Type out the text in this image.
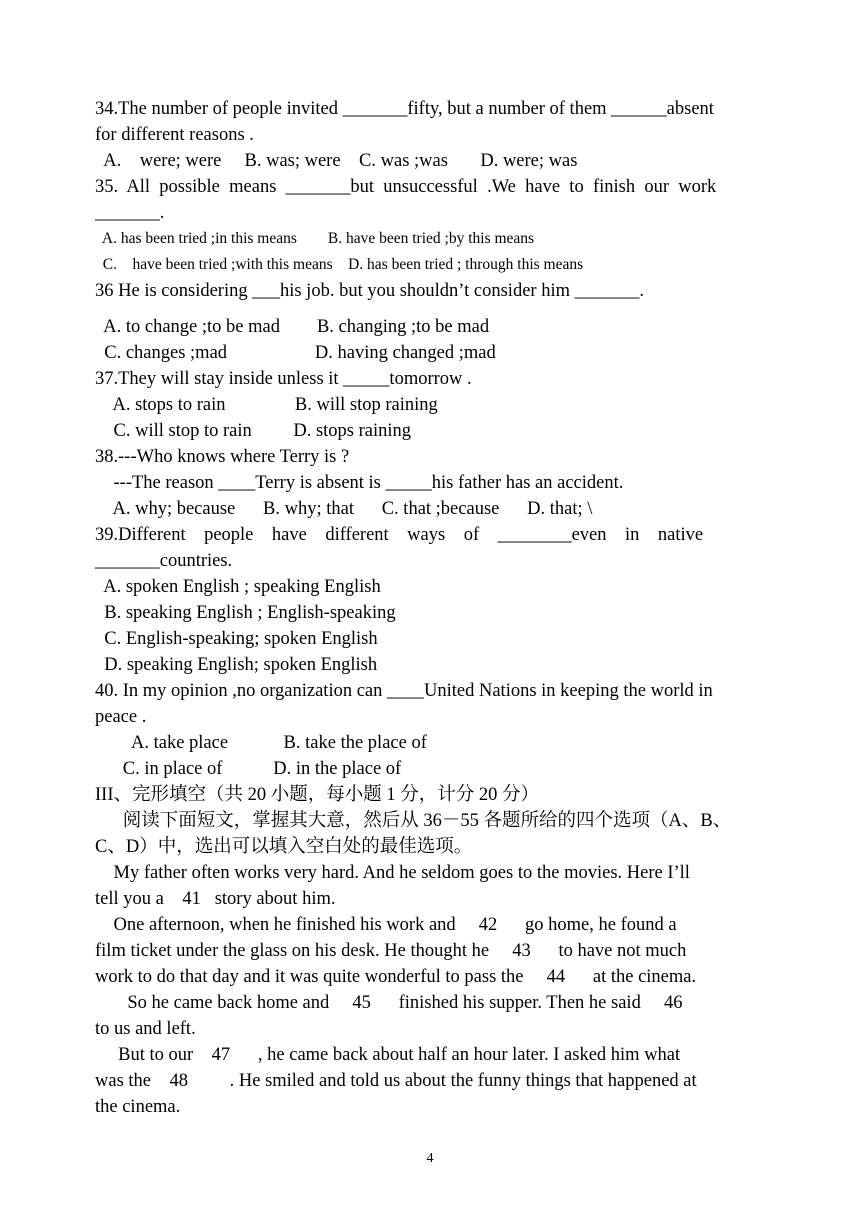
34.The number of people invited _______fifty, but a number of them ______absent
for different reasons .
A.    were; were     B. was; were    C. was ;was       D. were; was
35.  All  possible  means  _______but  unsuccessful  .We  have  to  finish  our  work
_______.
A. has been tried ;in this means        B. have been tried ;by this means
C.    have been tried ;with this means    D. has been tried ; through this means
36 He is considering ___his job. but you shouldn’t consider him _______.
A. to change ;to be mad        B. changing ;to be mad
C. changes ;mad                   D. having changed ;mad
37.They will stay inside unless it _____tomorrow .
A. stops to rain               B. will stop raining
C. will stop to rain         D. stops raining
38.---Who knows where Terry is ?
---The reason ____Terry is absent is _____his father has an accident.
A. why; because      B. why; that      C. that ;because      D. that; \
39.Different    people    have    different    ways    of    ________even    in    native
_______countries.
A. spoken English ; speaking English
B. speaking English ; English-speaking
C. English-speaking; spoken English
D. speaking English; spoken English
40. In my opinion ,no organization can ____United Nations in keeping the world in
peace .
A. take place            B. take the place of
C. in place of           D. in the place of
III、完形填空（共 20 小题，每小题 1 分，计分 20 分）
阅读下面短文，掌握其大意，然后从 36－55 各题所给的四个选项（A、B、
C、D）中，选出可以填入空白处的最佳选项。
My father often works very hard. And he seldom goes to the movies. Here I’ll
tell you a    41   story about him.
One afternoon, when he finished his work and     42      go home, he found a
film ticket under the glass on his desk. He thought he     43      to have not much
work to do that day and it was quite wonderful to pass the     44      at the cinema.
So he came back home and     45      finished his supper. Then he said     46
to us and left.
But to our    47      , he came back about half an hour later. I asked him what
was the    48         . He smiled and told us about the funny things that happened at
the cinema.
4
